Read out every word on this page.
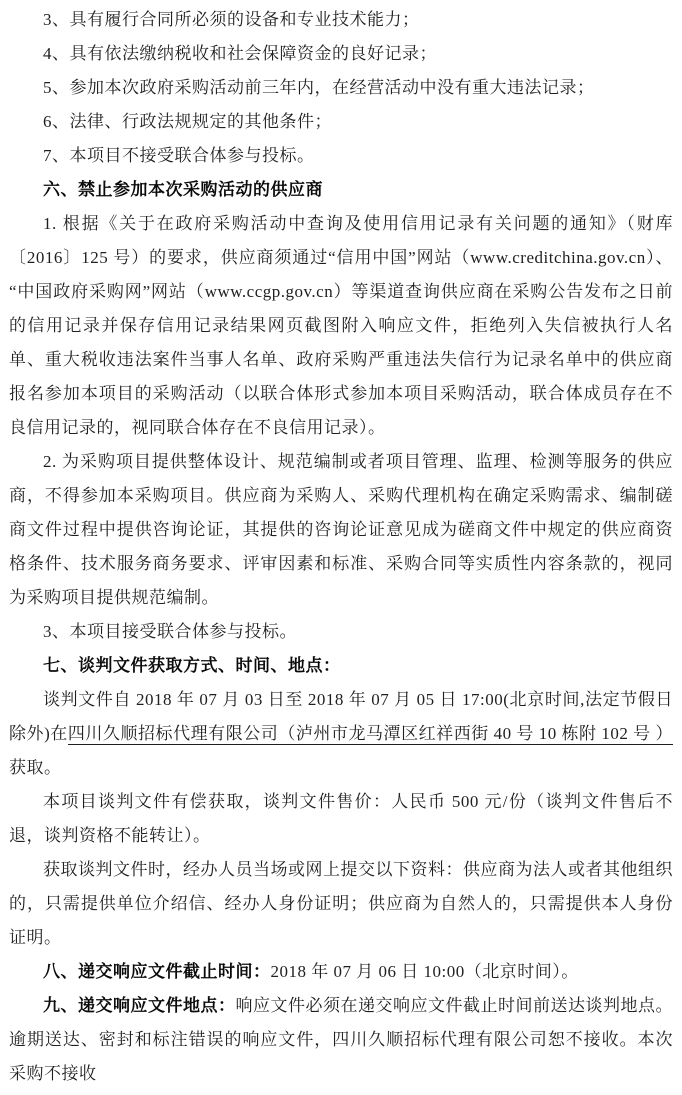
3、具有履行合同所必须的设备和专业技术能力；

4、具有依法缴纳税收和社会保障资金的良好记录；

5、参加本次政府采购活动前三年内，在经营活动中没有重大违法记录；

6、法律、行政法规规定的其他条件；

7、本项目不接受联合体参与投标。

六、禁止参加本次采购活动的供应商

1. 根据《关于在政府采购活动中查询及使用信用记录有关问题的通知》（财库〔2016〕125 号）的要求，供应商须通过“信用中国”网站（www.creditchina.gov.cn）、“中国政府采购网”网站（www.ccgp.gov.cn）等渠道查询供应商在采购公告发布之日前的信用记录并保存信用记录结果网页截图附入响应文件，拒绝列入失信被执行人名单、重大税收违法案件当事人名单、政府采购严重违法失信行为记录名单中的供应商报名参加本项目的采购活动（以联合体形式参加本项目采购活动，联合体成员存在不良信用记录的，视同联合体存在不良信用记录）。

2. 为采购项目提供整体设计、规范编制或者项目管理、监理、检测等服务的供应商，不得参加本采购项目。供应商为采购人、采购代理机构在确定采购需求、编制磋商文件过程中提供咨询论证，其提供的咨询论证意见成为磋商文件中规定的供应商资格条件、技术服务商务要求、评审因素和标准、采购合同等实质性内容条款的，视同为采购项目提供规范编制。

3、本项目接受联合体参与投标。

七、谈判文件获取方式、时间、地点：

谈判文件自 2018 年 07 月 03 日至 2018 年 07 月 05 日 17:00(北京时间,法定节假日除外)在四川久顺招标代理有限公司（泸州市龙马潭区红祥西街 40 号 10 栋附 102 号 ）获取。

本项目谈判文件有偿获取，谈判文件售价：人民币 500 元/份（谈判文件售后不退，谈判资格不能转让）。

获取谈判文件时，经办人员当场或网上提交以下资料：供应商为法人或者其他组织的，只需提供单位介绍信、经办人身份证明；供应商为自然人的，只需提供本人身份证明。

八、递交响应文件截止时间：2018 年 07 月 06 日 10:00（北京时间）。

九、递交响应文件地点：响应文件必须在递交响应文件截止时间前送达谈判地点。逾期送达、密封和标注错误的响应文件，四川久顺招标代理有限公司恕不接收。本次采购不接收
